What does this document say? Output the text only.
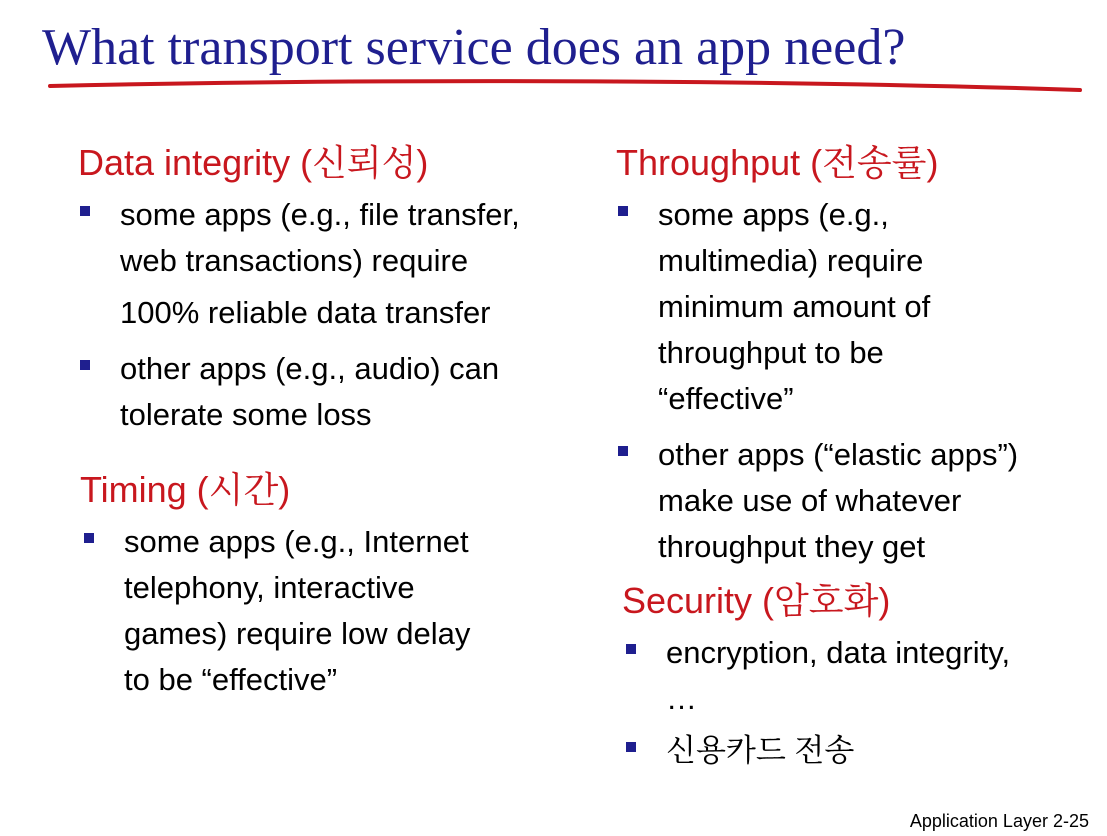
What transport service does an app need?
Data integrity (신뢰성)
some apps (e.g., file transfer,
web transactions) require
100% reliable data transfer
other apps (e.g., audio) can
tolerate some loss
Timing (시간)
some apps (e.g., Internet
telephony, interactive
games) require low delay
to be “effective”
Throughput (전송률)
some apps (e.g.,
multimedia) require
minimum amount of
throughput to be
“effective”
other apps (“elastic apps”)
make use of whatever
throughput they get
Security (암호화)
encryption, data integrity,
…
신용카드 전송
Application Layer 2-25
